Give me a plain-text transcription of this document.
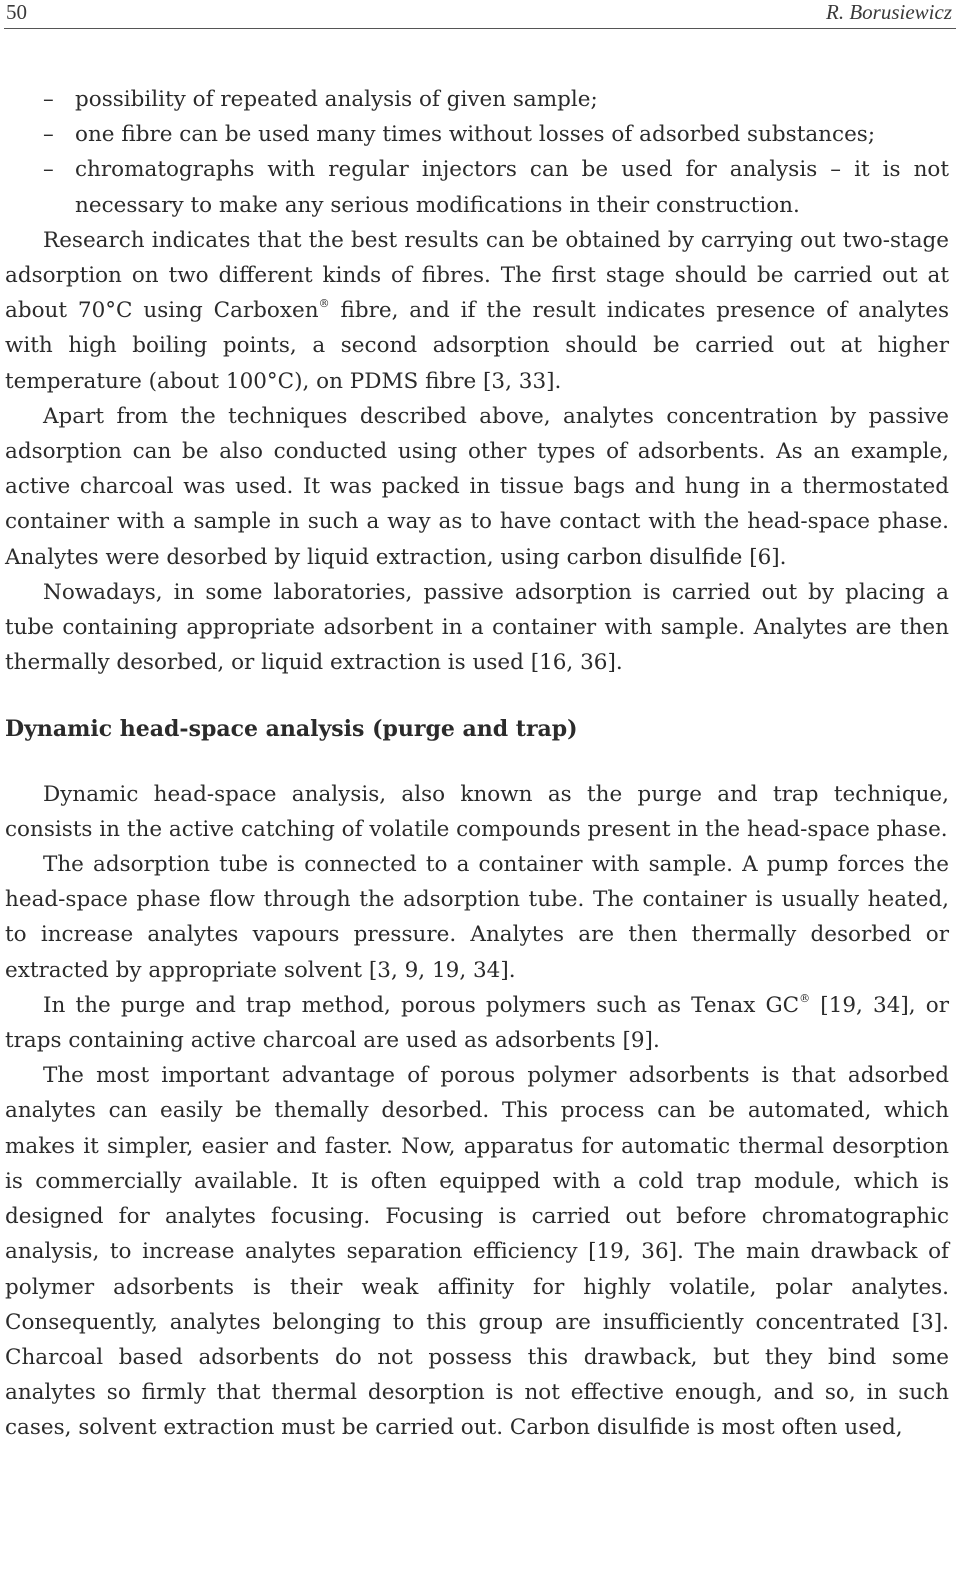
50	R. Borusiewicz

– possibility of repeated analysis of given sample;

– one fibre can be used many times without losses of adsorbed substances;

– chromatographs with regular injectors can be used for analysis – it is not necessary to make any serious modifications in their construction.

Research indicates that the best results can be obtained by carrying out two-stage adsorption on two different kinds of fibres. The first stage should be carried out at about 70°C using Carboxen® fibre, and if the result indicates presence of analytes with high boiling points, a second adsorption should be carried out at higher temperature (about 100°C), on PDMS fibre [3, 33].

Apart from the techniques described above, analytes concentration by passive adsorption can be also conducted using other types of adsorbents. As an example, active charcoal was used. It was packed in tissue bags and hung in a thermostated container with a sample in such a way as to have contact with the head-space phase. Analytes were desorbed by liquid extraction, using carbon disulfide [6].

Nowadays, in some laboratories, passive adsorption is carried out by placing a tube containing appropriate adsorbent in a container with sample. Analytes are then thermally desorbed, or liquid extraction is used [16, 36].

Dynamic head-space analysis (purge and trap)

Dynamic head-space analysis, also known as the purge and trap technique, consists in the active catching of volatile compounds present in the head-space phase.

The adsorption tube is connected to a container with sample. A pump forces the head-space phase flow through the adsorption tube. The container is usually heated, to increase analytes vapours pressure. Analytes are then thermally desorbed or extracted by appropriate solvent [3, 9, 19, 34].

In the purge and trap method, porous polymers such as Tenax GC® [19, 34], or traps containing active charcoal are used as adsorbents [9].

The most important advantage of porous polymer adsorbents is that adsorbed analytes can easily be themally desorbed. This process can be automated, which makes it simpler, easier and faster. Now, apparatus for automatic thermal desorption is commercially available. It is often equipped with a cold trap module, which is designed for analytes focusing. Focusing is carried out before chromatographic analysis, to increase analytes separation efficiency [19, 36]. The main drawback of polymer adsorbents is their weak affinity for highly volatile, polar analytes. Consequently, analytes belonging to this group are insufficiently concentrated [3]. Charcoal based adsorbents do not possess this drawback, but they bind some analytes so firmly that thermal desorption is not effective enough, and so, in such cases, solvent extraction must be carried out. Carbon disulfide is most often used,
